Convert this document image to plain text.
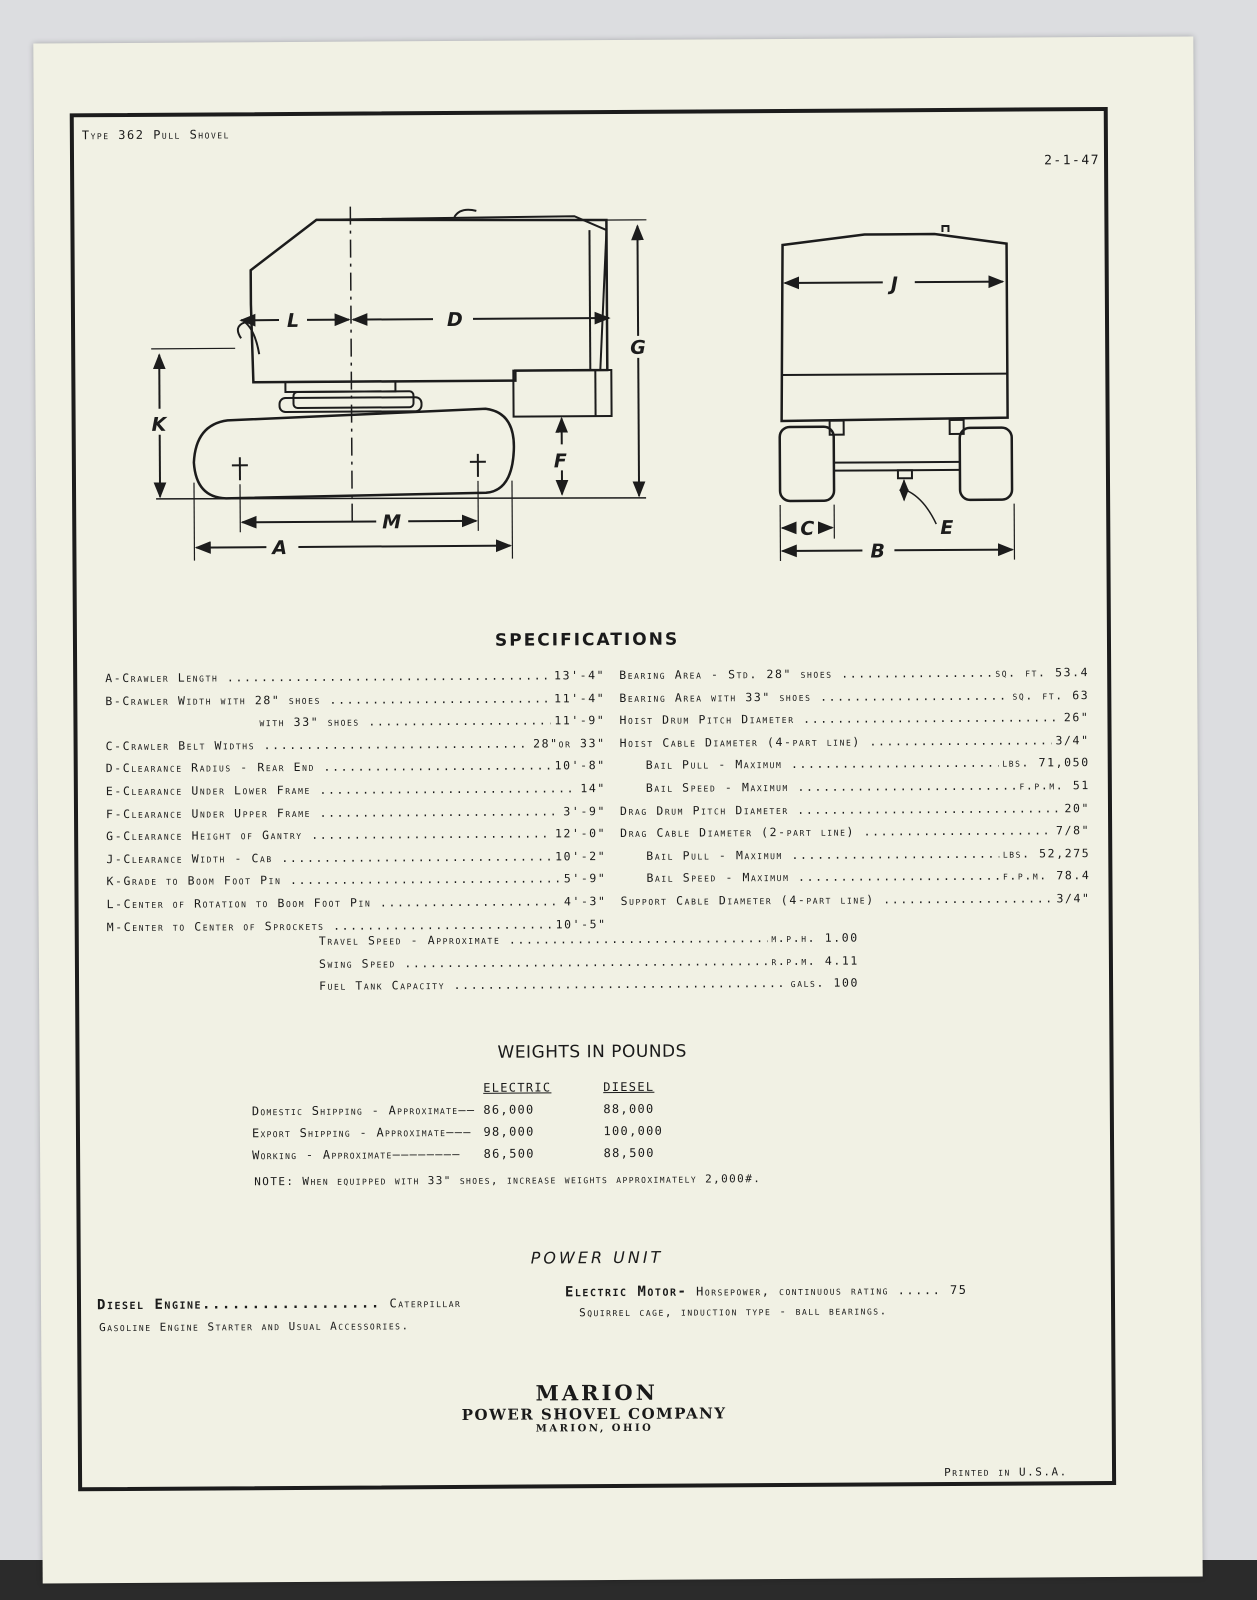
Type 362 Pull Shovel
2-1-47
L	D
G
K
F
M
A
J
C	E
B
SPECIFICATIONS
A-Crawler Length .....	13'-4"
B-Crawler Width with 28" shoes .....	11'-4"
with 33" shoes .....	11'-9"
C-Crawler Belt Widths .....	28"or 33"
D-Clearance Radius - Rear End .....	10'-8"
E-Clearance Under Lower Frame .....	14"
F-Clearance Under Upper Frame .....	3'-9"
G-Clearance Height of Gantry .....	12'-0"
J-Clearance Width - Cab .....	10'-2"
K-Grade to Boom Foot Pin .....	5'-9"
L-Center of Rotation to Boom Foot Pin .....	4'-3"
M-Center to Center of Sprockets .....	10'-5"
Bearing Area - Std. 28" shoes .....	sq. ft. 53.4
Bearing Area with 33" shoes .....	sq. ft. 63
Hoist Drum Pitch Diameter .....	26"
Hoist Cable Diameter (4-part line) .....	3/4"
Bail Pull - Maximum .....	lbs. 71,050
Bail Speed - Maximum .....	f.p.m. 51
Drag Drum Pitch Diameter .....	20"
Drag Cable Diameter (2-part line) .....	7/8"
Bail Pull - Maximum .....	lbs. 52,275
Bail Speed - Maximum .....	f.p.m. 78.4
Support Cable Diameter (4-part line) .....	3/4"
Travel Speed - Approximate .....	m.p.h. 1.00
Swing Speed .....	r.p.m. 4.11
Fuel Tank Capacity .....	gals. 100
WEIGHTS IN POUNDS
	ELECTRIC	DIESEL
Domestic Shipping - Approximate——	86,000	88,000
Export Shipping - Approximate———	98,000	100,000
Working - Approximate————————	86,500	88,500
NOTE: When equipped with 33" shoes, increase weights approximately 2,000#.
POWER UNIT
Diesel Engine.................. Caterpillar
Gasoline Engine Starter and Usual Accessories.
Electric Motor- Horsepower, continuous rating ..... 75
Squirrel cage, induction type - ball bearings.
MARION
POWER SHOVEL COMPANY
MARION, OHIO
Printed in U.S.A.
